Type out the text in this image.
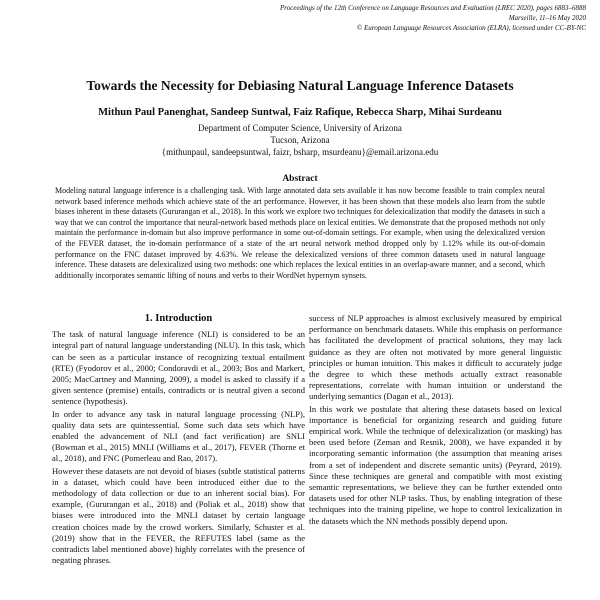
Proceedings of the 12th Conference on Language Resources and Evaluation (LREC 2020), pages 6883–6888
Marseille, 11–16 May 2020
© European Language Resources Association (ELRA), licensed under CC-BY-NC
Towards the Necessity for Debiasing Natural Language Inference Datasets
Mithun Paul Panenghat, Sandeep Suntwal, Faiz Rafique, Rebecca Sharp, Mihai Surdeanu
Department of Computer Science, University of Arizona
Tucson, Arizona
{mithunpaul, sandeepsuntwal, faizr, bsharp, msurdeanu}@email.arizona.edu
Abstract
Modeling natural language inference is a challenging task. With large annotated data sets available it has now become feasible to train complex neural network based inference methods which achieve state of the art performance. However, it has been shown that these models also learn from the subtle biases inherent in these datasets (Gururangan et al., 2018). In this work we explore two techniques for delexicalization that modify the datasets in such a way that we can control the importance that neural-network based methods place on lexical entities. We demonstrate that the proposed methods not only maintain the performance in-domain but also improve performance in some out-of-domain settings. For example, when using the delexicalized version of the FEVER dataset, the in-domain performance of a state of the art neural network method dropped only by 1.12% while its out-of-domain performance on the FNC dataset improved by 4.63%. We release the delexicalized versions of three common datasets used in natural language inference. These datasets are delexicalized using two methods: one which replaces the lexical entities in an overlap-aware manner, and a second, which additionally incorporates semantic lifting of nouns and verbs to their WordNet hypernym synsets.
1. Introduction

The task of natural language inference (NLI) is considered to be an integral part of natural language understanding (NLU). In this task, which can be seen as a particular instance of recognizing textual entailment (RTE) (Fyodorov et al., 2000; Condoravdi et al., 2003; Bos and Markert, 2005; MacCartney and Manning, 2009), a model is asked to classify if a given sentence (premise) entails, contradicts or is neutral given a second sentence (hypothesis).

In order to advance any task in natural language processing (NLP), quality data sets are quintessential. Some such data sets which have enabled the advancement of NLI (and fact verification) are SNLI (Bowman et al., 2015) MNLI (Williams et al., 2017), FEVER (Thorne et al., 2018), and FNC (Pomerleau and Rao, 2017).

However these datasets are not devoid of biases (subtle statistical patterns in a dataset, which could have been introduced either due to the methodology of data collection or due to an inherent social bias). For example, (Gururangan et al., 2018) and (Poliak et al., 2018) show that biases were introduced into the MNLI dataset by certain language creation choices made by the crowd workers. Similarly, Schuster et al. (2019) show that in the FEVER, the REFUTES label (same as the contradicts label mentioned above) highly correlates with the presence of negating phrases.

success of NLP approaches is almost exclusively measured by empirical performance on benchmark datasets. While this emphasis on performance has facilitated the development of practical solutions, they may lack guidance as they are often not motivated by more general linguistic principles or human intuition. This makes it difficult to accurately judge the degree to which these methods actually extract reasonable representations, correlate with human intuition or understand the underlying semantics (Dagan et al., 2013).

In this work we postulate that altering these datasets based on lexical importance is beneficial for organizing research and guiding future empirical work. While the technique of delexicalization (or masking) has been used before (Zeman and Resnik, 2008), we have expanded it by incorporating semantic information (the assumption that meaning arises from a set of independent and discrete semantic units) (Peyrard, 2019). Since these techniques are general and compatible with most existing semantic representations, we believe they can be further extended onto datasets used for other NLP tasks. Thus, by enabling integration of these techniques into the training pipeline, we hope to control lexicalization in the datasets which the NN methods possibly depend upon.
